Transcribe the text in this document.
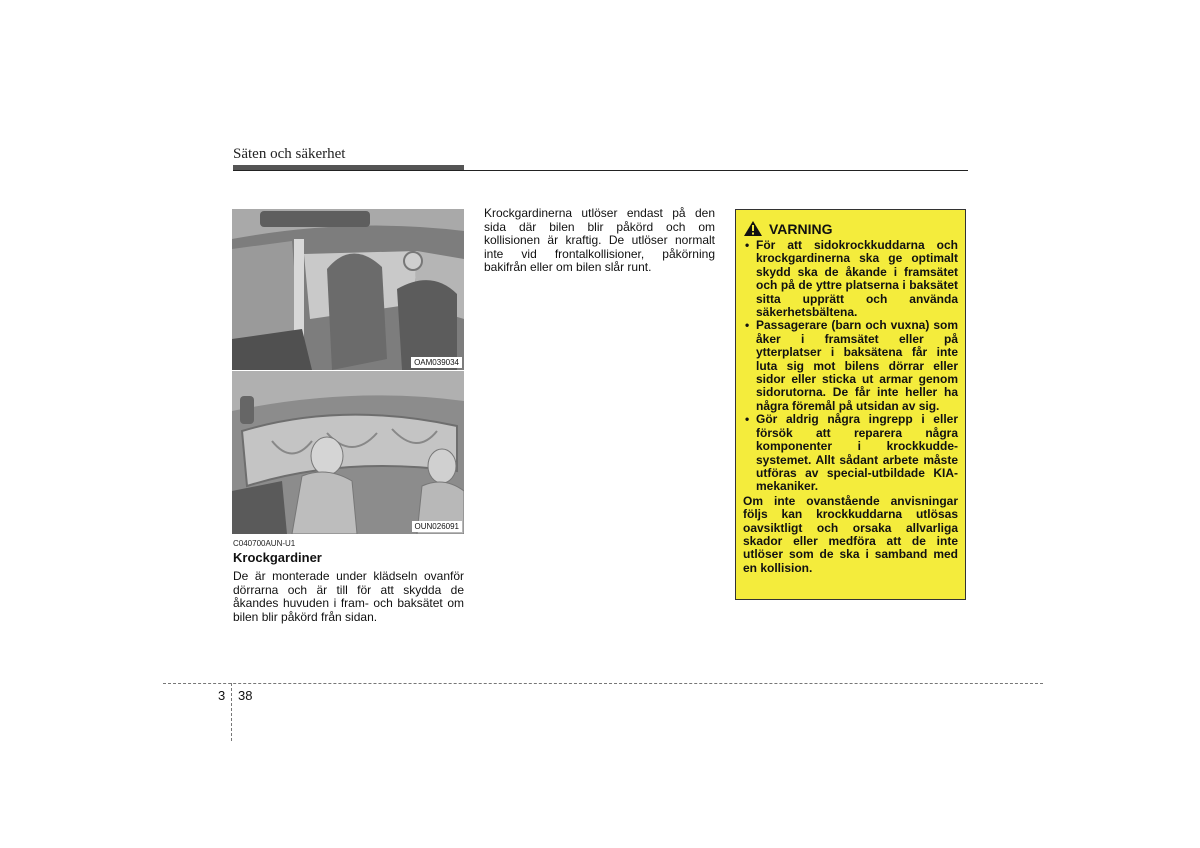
Säten och säkerhet
OAM039034
OUN026091
C040700AUN-U1
Krockgardiner
De är monterade under klädseln ovanför dörrarna och är till för att skydda de åkandes huvuden i fram- och baksätet om bilen blir påkörd från sidan.
Krockgardinerna utlöser endast på den sida där bilen blir påkörd och om kollisionen är kraftig. De utlöser normalt inte vid frontalkollisioner, påkörning bakifrån eller om bilen slår runt.
VARNING
• För att sidokrockkuddarna och krockgardinerna ska ge optimalt skydd ska de åkande i framsätet och på de yttre platserna i baksätet sitta upprätt och använda säkerhetsbältena.
• Passagerare (barn och vuxna) som åker i framsätet eller på ytterplatser i baksätena får inte luta sig mot bilens dörrar eller sidor eller sticka ut armar genom sidorutorna. De får inte heller ha några föremål på utsidan av sig.
• Gör aldrig några ingrepp i eller försök att reparera några komponenter i krockkudde-systemet. Allt sådant arbete måste utföras av special-utbildade KIA-mekaniker.
Om inte ovanstående anvisningar följs kan krockkuddarna utlösas oavsiktligt och orsaka allvarliga skador eller medföra att de inte utlöser som de ska i samband med en kollision.
3 38
